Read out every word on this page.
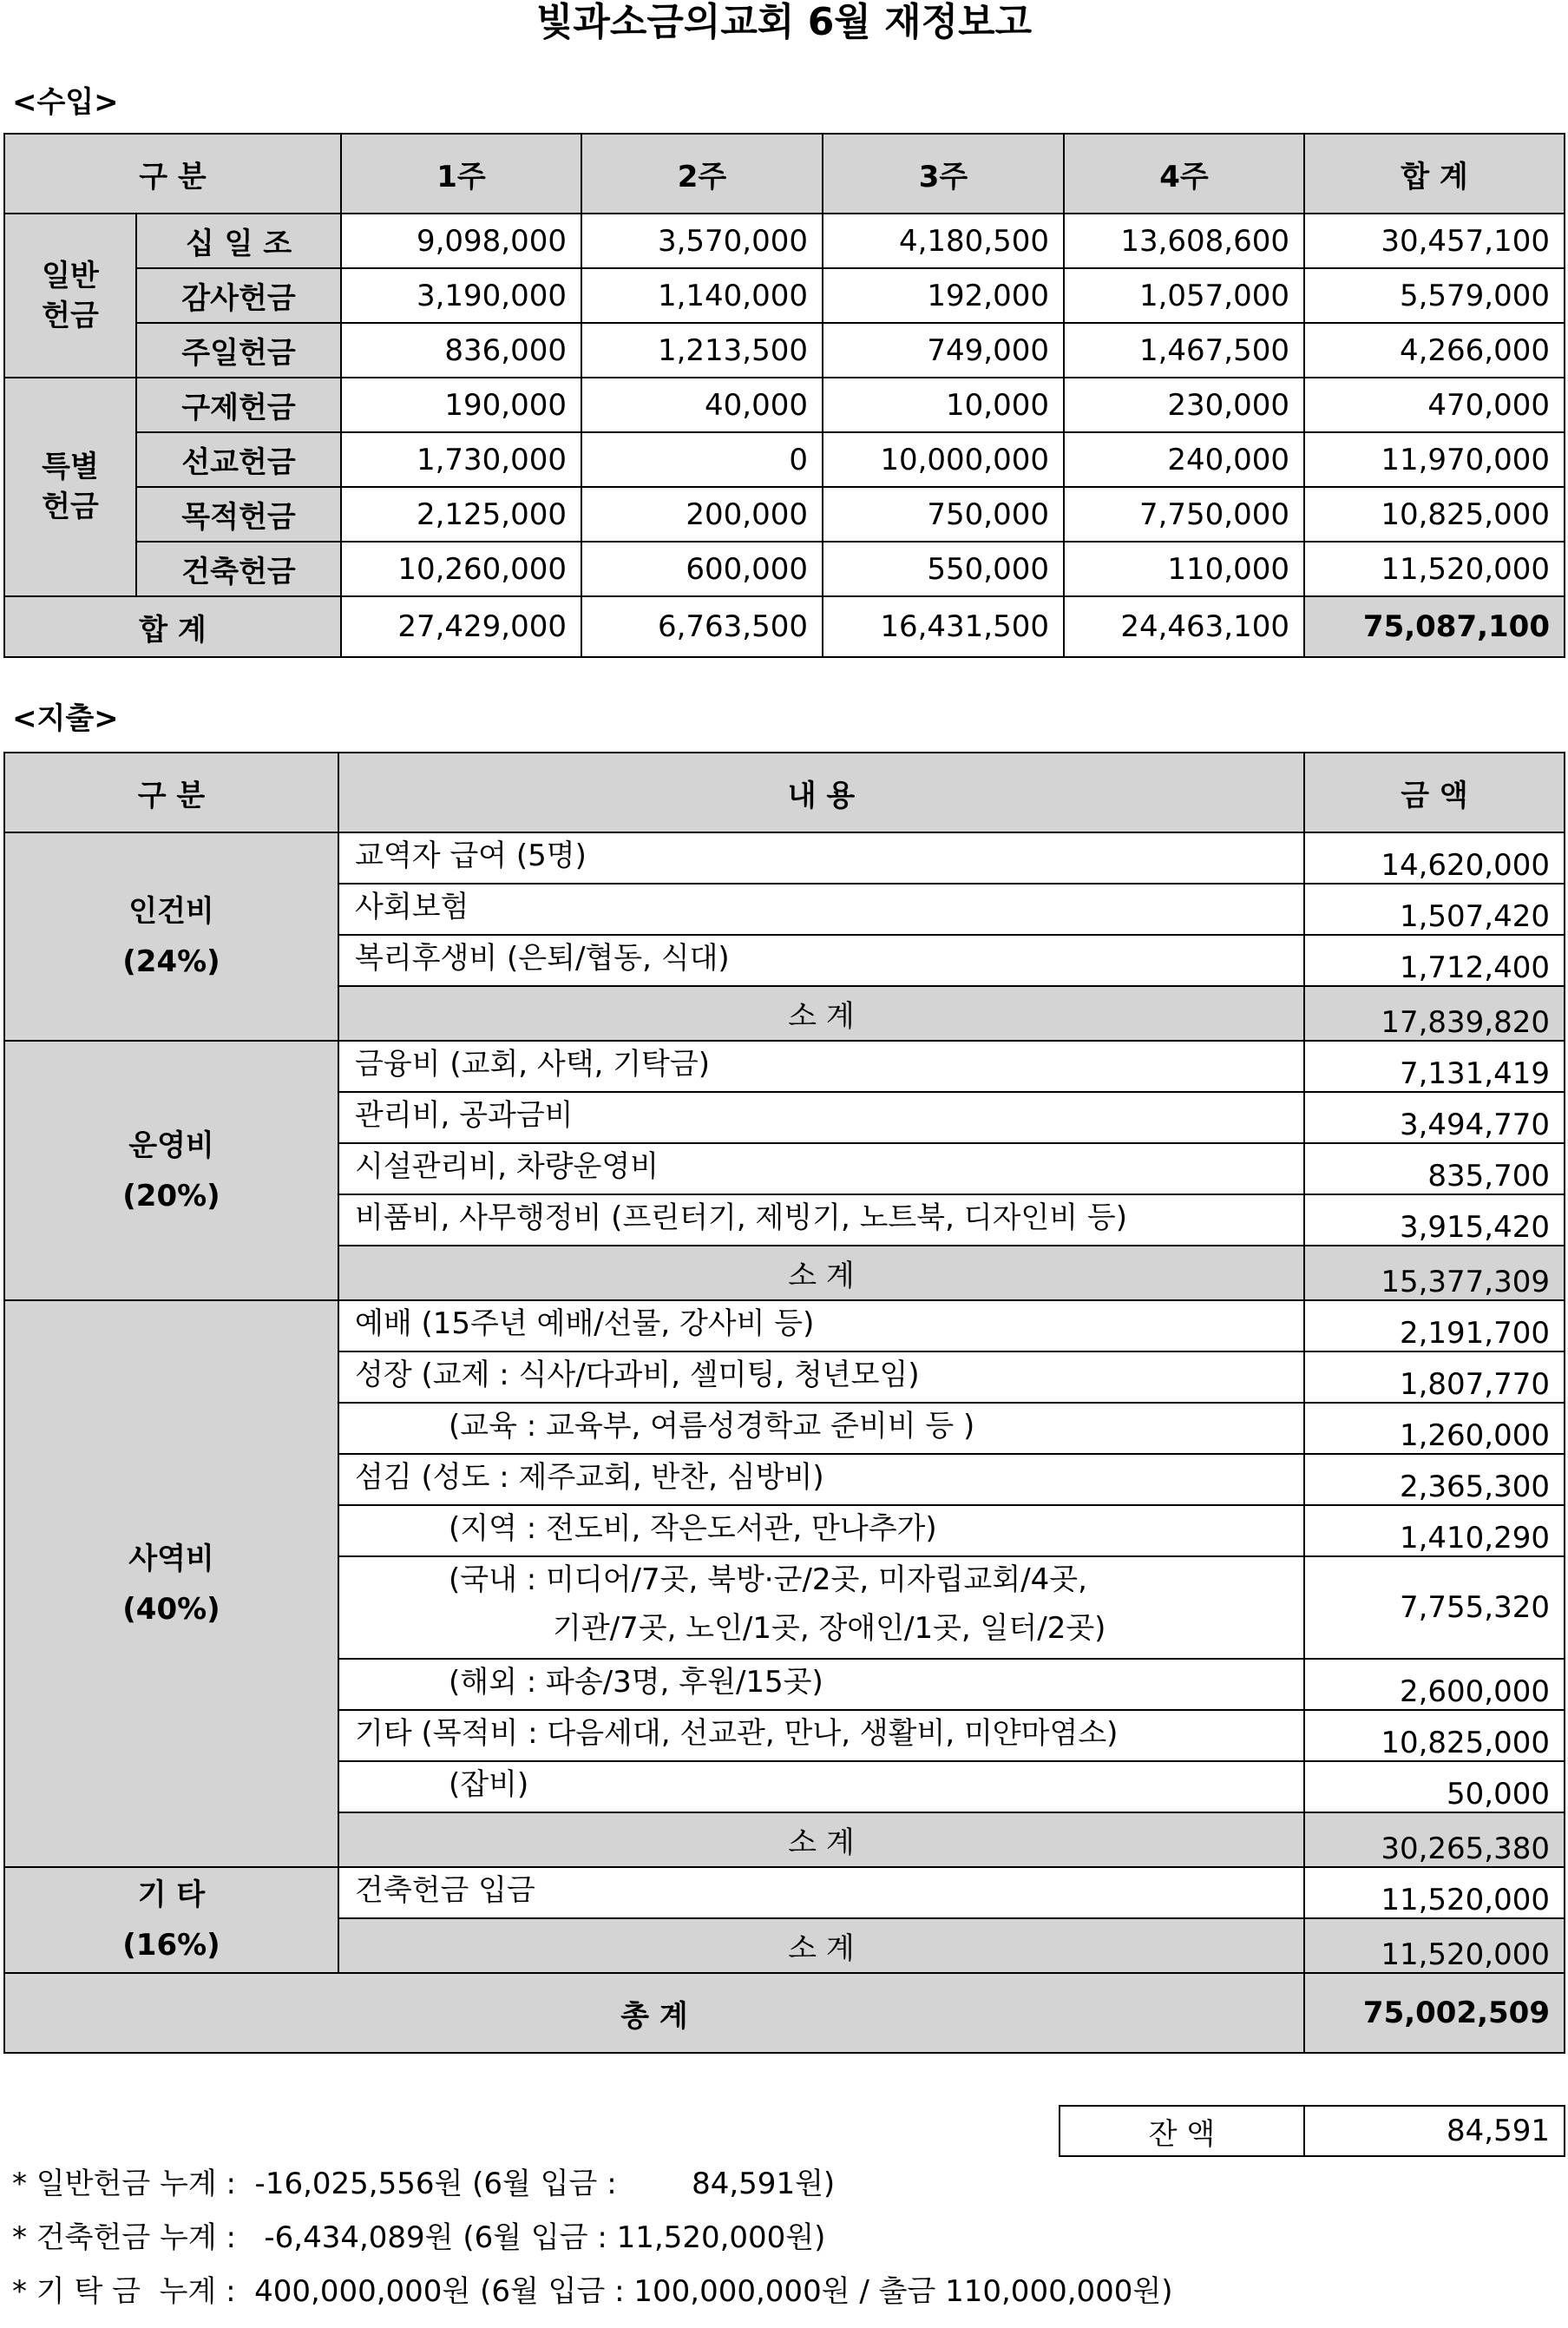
빛과소금의교회 6월 재정보고
<수입>
구 분		1주	2주	3주	4주	합 계
일반
헌금	십 일 조	9,098,000	3,570,000	4,180,500	13,608,600	30,457,100
	감사헌금	3,190,000	1,140,000	192,000	1,057,000	5,579,000
	주일헌금	836,000	1,213,500	749,000	1,467,500	4,266,000
특별
헌금	구제헌금	190,000	40,000	10,000	230,000	470,000
	선교헌금	1,730,000	0	10,000,000	240,000	11,970,000
	목적헌금	2,125,000	200,000	750,000	7,750,000	10,825,000
	건축헌금	10,260,000	600,000	550,000	110,000	11,520,000
합 계		27,429,000	6,763,500	16,431,500	24,463,100	75,087,100
<지출>
구 분	내 용	금 액

인건비
(24%)	교역자 급여 (5명)	14,620,000

	사회보험	1,507,420

	복리후생비 (은퇴/협동, 식대)	1,712,400
	소 계	17,839,820

운영비
(20%)	금융비 (교회, 사택, 기탁금)	7,131,419

	관리비, 공과금비	3,494,770

	시설관리비, 차량운영비	835,700

	비품비, 사무행정비 (프린터기, 제빙기, 노트북, 디자인비 등)	3,915,420
	소 계	15,377,309

사역비
(40%)	예배 (15주년 예배/선물, 강사비 등)	2,191,700

	성장 (교제 : 식사/다과비, 셀미팅, 청년모임)	1,807,770

	(교육 : 교육부, 여름성경학교 준비비 등 )	1,260,000

	섬김 (성도 : 제주교회, 반찬, 심방비)	2,365,300

	(지역 : 전도비, 작은도서관, 만나추가)	1,410,290

	(국내 : 미디어/7곳, 북방·군/2곳, 미자립교회/4곳,
기관/7곳, 노인/1곳, 장애인/1곳, 일터/2곳)	7,755,320

	(해외 : 파송/3명, 후원/15곳)	2,600,000

	기타 (목적비 : 다음세대, 선교관, 만나, 생활비, 미얀마염소)	10,825,000

	(잡비)	50,000
	소 계	30,265,380

기 타
(16%)	건축헌금 입금	11,520,000
	소 계	11,520,000
총 계		75,002,509
잔 액	84,591
* 일반헌금 누계 :  -16,025,556원 (6월 입금 :        84,591원)
* 건축헌금 누계 :   -6,434,089원 (6월 입금 : 11,520,000원)
* 기 탁 금  누계 :  400,000,000원 (6월 입금 : 100,000,000원 / 출금 110,000,000원)
